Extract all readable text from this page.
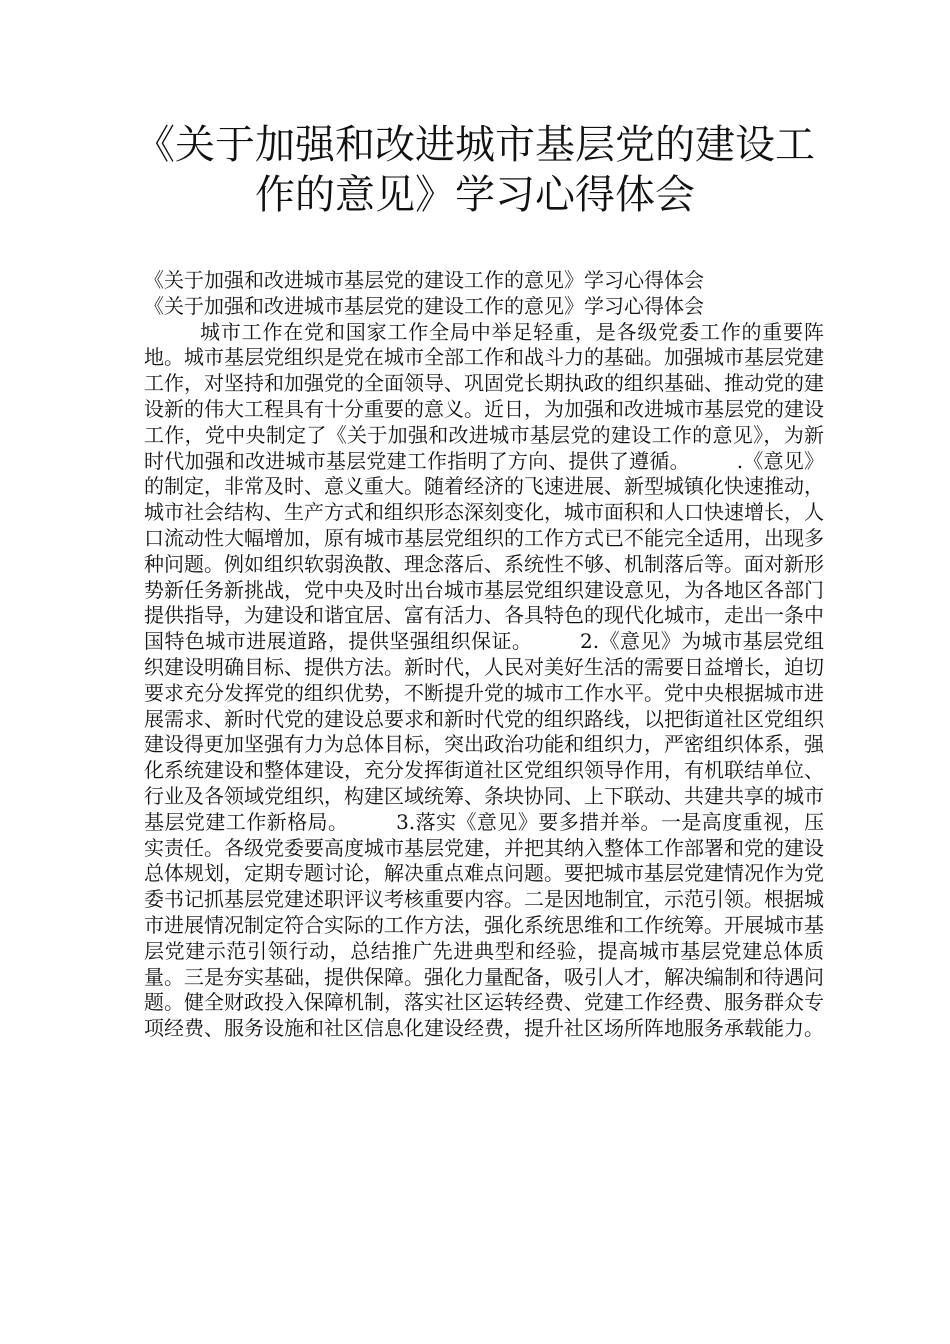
《关于加强和改进城市基层党的建设工
作的意见》学习心得体会

《关于加强和改进城市基层党的建设工作的意见》学习心得体会

《关于加强和改进城市基层党的建设工作的意见》学习心得体会

城市工作在党和国家工作全局中举足轻重，是各级党委工作的重要阵地。城市基层党组织是党在城市全部工作和战斗力的基础。加强城市基层党建工作，对坚持和加强党的全面领导、巩固党长期执政的组织基础、推动党的建设新的伟大工程具有十分重要的意义。近日，为加强和改进城市基层党的建设工作，党中央制定了《关于加强和改进城市基层党的建设工作的意见》，为新时代加强和改进城市基层党建工作指明了方向、提供了遵循。 　　.《意见》的制定，非常及时、意义重大。随着经济的飞速进展、新型城镇化快速推动，城市社会结构、生产方式和组织形态深刻变化，城市面积和人口快速增长，人口流动性大幅增加，原有城市基层党组织的工作方式已不能完全适用，出现多种问题。例如组织软弱涣散、理念落后、系统性不够、机制落后等。面对新形势新任务新挑战，党中央及时出台城市基层党组织建设意见，为各地区各部门提供指导，为建设和谐宜居、富有活力、各具特色的现代化城市，走出一条中国特色城市进展道路，提供坚强组织保证。 　　2.《意见》为城市基层党组织建设明确目标、提供方法。新时代，人民对美好生活的需要日益增长，迫切要求充分发挥党的组织优势，不断提升党的城市工作水平。党中央根据城市进展需求、新时代党的建设总要求和新时代党的组织路线，以把街道社区党组织建设得更加坚强有力为总体目标，突出政治功能和组织力，严密组织体系，强化系统建设和整体建设，充分发挥街道社区党组织领导作用，有机联结单位、行业及各领域党组织，构建区域统筹、条块协同、上下联动、共建共享的城市基层党建工作新格局。 　　3.落实《意见》要多措并举。一是高度重视，压实责任。各级党委要高度城市基层党建，并把其纳入整体工作部署和党的建设总体规划，定期专题讨论，解决重点难点问题。要把城市基层党建情况作为党委书记抓基层党建述职评议考核重要内容。二是因地制宜，示范引领。根据城市进展情况制定符合实际的工作方法，强化系统思维和工作统筹。开展城市基层党建示范引领行动，总结推广先进典型和经验，提高城市基层党建总体质量。三是夯实基础，提供保障。强化力量配备，吸引人才，解决编制和待遇问题。健全财政投入保障机制，落实社区运转经费、党建工作经费、服务群众专项经费、服务设施和社区信息化建设经费，提升社区场所阵地服务承载能力。
